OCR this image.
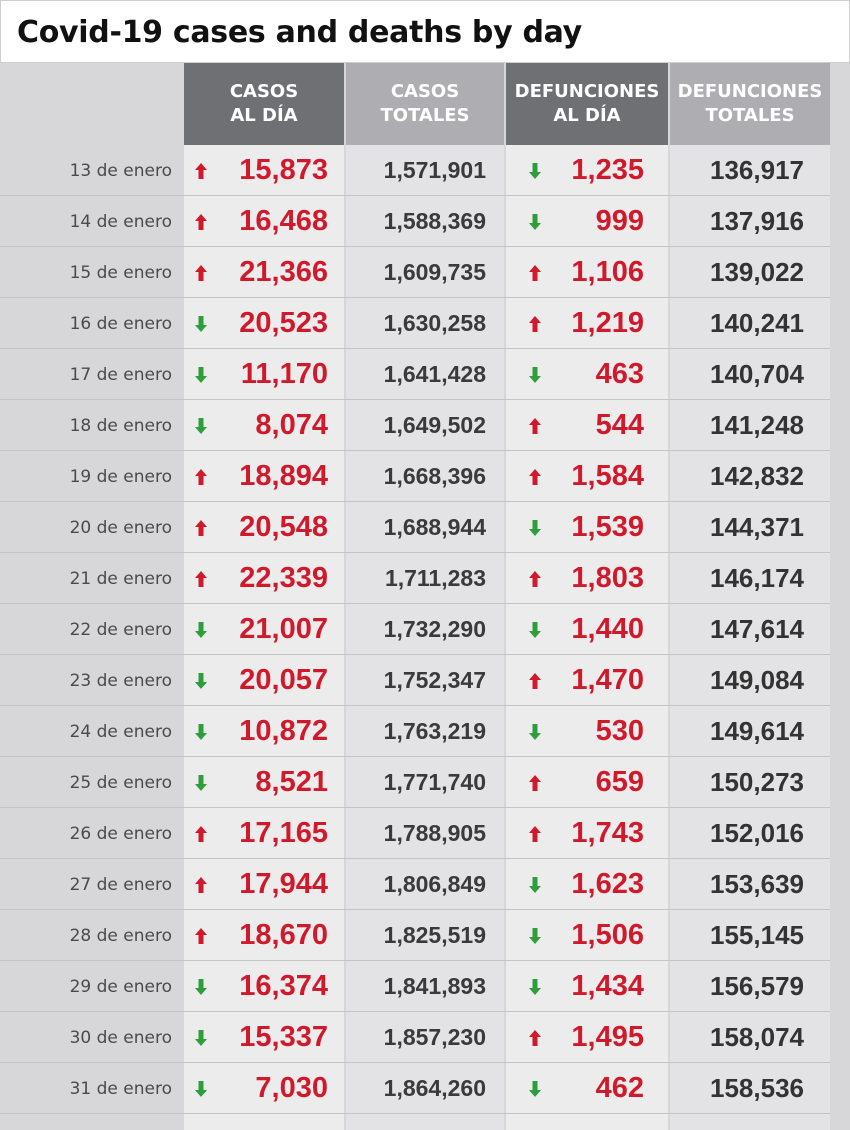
Covid-19 cases and deaths by day
CASOS
AL DÍA
CASOS
TOTALES
DEFUNCIONES
AL DÍA
DEFUNCIONES
TOTALES
13 de enero 15,873	1,571,901	1,235	136,917
14 de enero 16,468	1,588,369	999	137,916
15 de enero 21,366	1,609,735	1,106	139,022
16 de enero 20,523	1,630,258	1,219	140,241
17 de enero 11,170	1,641,428	463	140,704
18 de enero	8,074	1,649,502	544	141,248
19 de enero 18,894	1,668,396	1,584	142,832
20 de enero 20,548	1,688,944	1,539	144,371
21 de enero 22,339	1,711,283	1,803	146,174
22 de enero 21,007	1,732,290	1,440	147,614
23 de enero 20,057	1,752,347	1,470	149,084
24 de enero 10,872	1,763,219	530	149,614
25 de enero	8,521	1,771,740	659	150,273
26 de enero 17,165	1,788,905	1,743	152,016
27 de enero 17,944	1,806,849	1,623	153,639
28 de enero 18,670	1,825,519	1,506	155,145
29 de enero 16,374	1,841,893	1,434	156,579
30 de enero 15,337	1,857,230	1,495	158,074
31 de enero	7,030	1,864,260	462	158,536
